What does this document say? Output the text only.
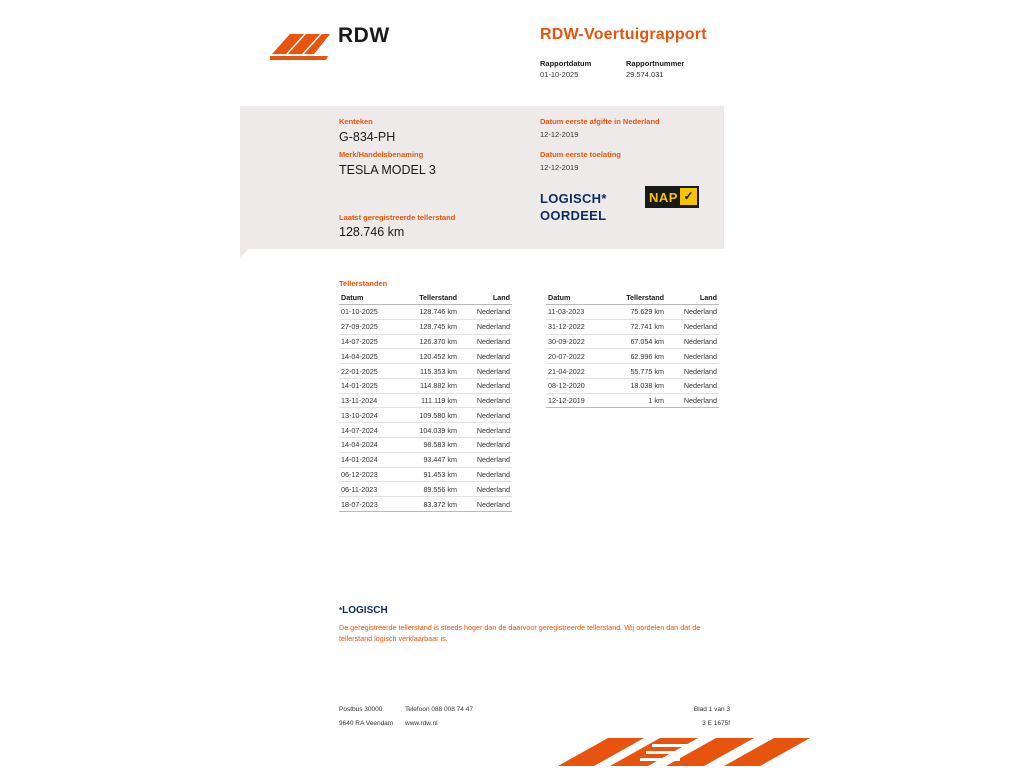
RDW	RDW-Voertuigrapport
Rapportdatum
01-10-2025
Rapportnummer
29.574.031
Kenteken
G-834-PH
Merk/Handelsbenaming
TESLA MODEL 3
Laatst geregistreerde tellerstand
128.746 km
Datum eerste afgifte in Nederland
12-12-2019
Datum eerste toelating
12-12-2019
LOGISCH*
OORDEEL
NAP ✓
Tellerstanden
Datum	Tellerstand	Land
01-10-2025	128.746 km	Nederland
27-09-2025	128.745 km	Nederland
14-07-2025	126.370 km	Nederland
14-04-2025	120.452 km	Nederland
22-01-2025	115.353 km	Nederland
14-01-2025	114.882 km	Nederland
13-11-2024	111.119 km	Nederland
13-10-2024	109.580 km	Nederland
14-07-2024	104.039 km	Nederland
14-04-2024	98.583 km	Nederland
14-01-2024	93.447 km	Nederland
06-12-2023	91.453 km	Nederland
06-11-2023	89.556 km	Nederland
18-07-2023	83.372 km	Nederland
Datum	Tellerstand	Land
11-03-2023	75.629 km	Nederland
31-12-2022	72.741 km	Nederland
30-09-2022	67.054 km	Nederland
20-07-2022	62.996 km	Nederland
21-04-2022	55.775 km	Nederland
08-12-2020	18.038 km	Nederland
12-12-2019	1 km	Nederland
*LOGISCH
De geregistreerde tellerstand is steeds hoger dan de daarvoor geregistreerde tellerstand. Wij oordelen dan dat de tellerstand logisch verklaarbaar is.
Postbus 30000
9640 RA Veendam
Telefoon 088 008 74 47
www.rdw.nl
Blad 1 van 3
3 E 1675f
